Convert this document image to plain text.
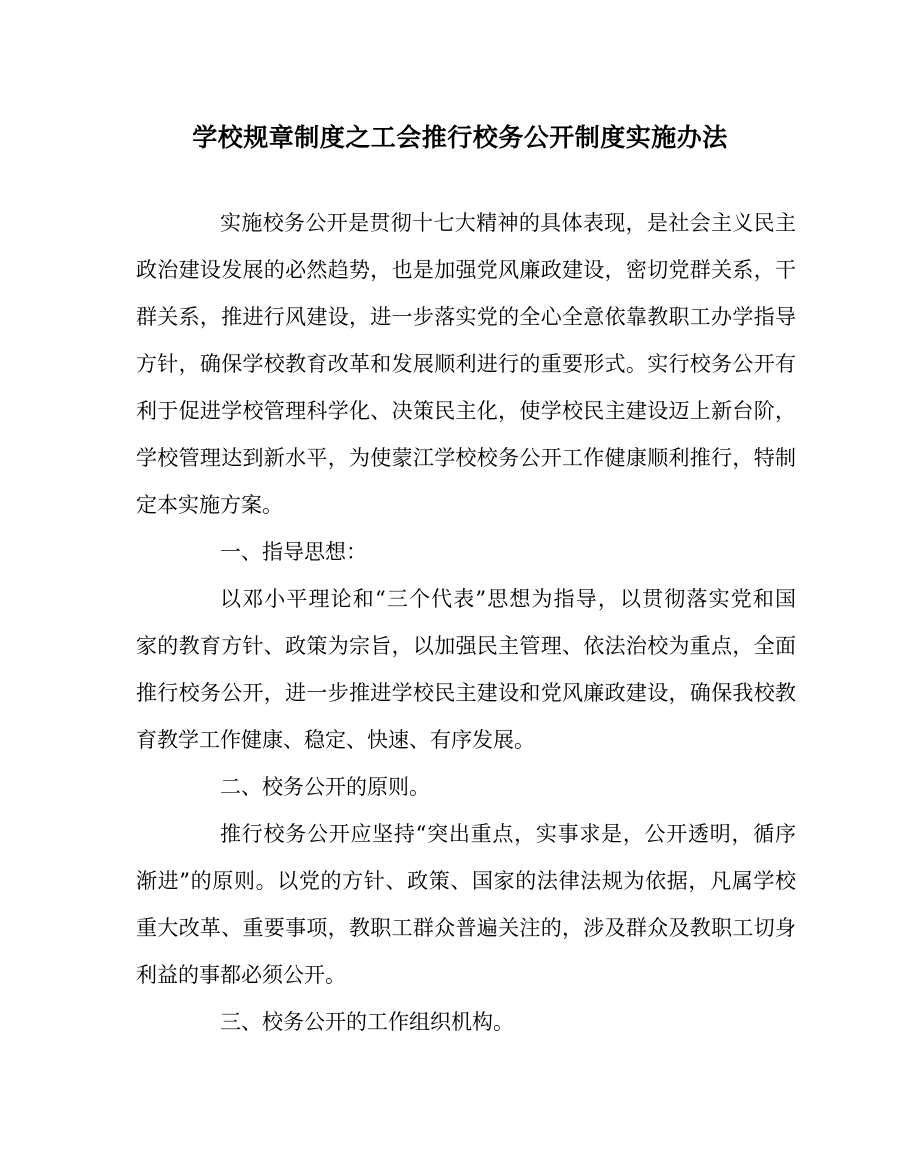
学校规章制度之工会推行校务公开制度实施办法
实施校务公开是贯彻十七大精神的具体表现，是社会主义民主
政治建设发展的必然趋势，也是加强党风廉政建设，密切党群关系，干
群关系，推进行风建设，进一步落实党的全心全意依靠教职工办学指导
方针，确保学校教育改革和发展顺利进行的重要形式。实行校务公开有
利于促进学校管理科学化、决策民主化，使学校民主建设迈上新台阶，
学校管理达到新水平，为使蒙江学校校务公开工作健康顺利推行，特制
定本实施方案。
一、指导思想：
以邓小平理论和“三个代表”思想为指导，以贯彻落实党和国
家的教育方针、政策为宗旨，以加强民主管理、依法治校为重点，全面
推行校务公开，进一步推进学校民主建设和党风廉政建设，确保我校教
育教学工作健康、稳定、快速、有序发展。
二、校务公开的原则。
推行校务公开应坚持“突出重点，实事求是，公开透明，循序
渐进”的原则。以党的方针、政策、国家的法律法规为依据，凡属学校
重大改革、重要事项，教职工群众普遍关注的，涉及群众及教职工切身
利益的事都必须公开。
三、校务公开的工作组织机构。
